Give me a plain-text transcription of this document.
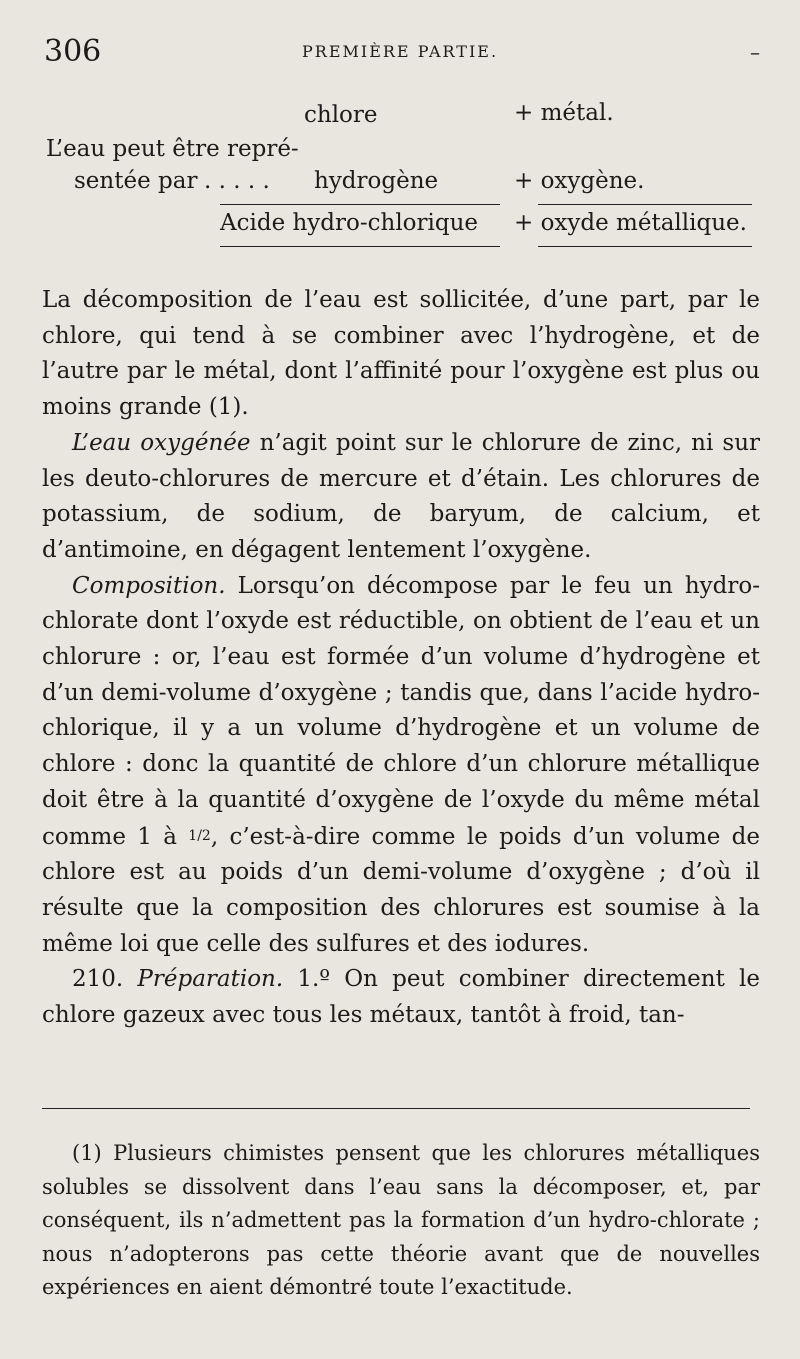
306	PREMIÈRE PARTIE.	–
chlore	+ métal.
L’eau peut être repré-
sentée par . . . . . hydrogène	+ oxygène.
Acide hydro-chlorique + oxyde métallique.

La décomposition de l’eau est sollicitée, d’une part, par le chlore, qui tend à se combiner avec l’hydrogène, et de l’autre par le métal, dont l’affinité pour l’oxygène est plus ou moins grande (1).

L’eau oxygénée n’agit point sur le chlorure de zinc, ni sur les deuto-chlorures de mercure et d’étain. Les chlorures de potassium, de sodium, de baryum, de calcium, et d’antimoine, en dégagent lentement l’oxygène.

Composition. Lorsqu’on décompose par le feu un hydro-chlorate dont l’oxyde est réductible, on obtient de l’eau et un chlorure : or, l’eau est formée d’un volume d’hydrogène et d’un demi-volume d’oxygène ; tandis que, dans l’acide hydro-chlorique, il y a un volume d’hydrogène et un volume de chlore : donc la quantité de chlore d’un chlorure métallique doit être à la quantité d’oxygène de l’oxyde du même métal comme 1 à 1/2, c’est-à-dire comme le poids d’un volume de chlore est au poids d’un demi-volume d’oxygène ; d’où il résulte que la composition des chlorures est soumise à la même loi que celle des sulfures et des iodures.

210. Préparation. 1.º On peut combiner directement le chlore gazeux avec tous les métaux, tantôt à froid, tan-

(1) Plusieurs chimistes pensent que les chlorures métalliques solubles se dissolvent dans l’eau sans la décomposer, et, par conséquent, ils n’admettent pas la formation d’un hydro-chlorate ; nous n’adopterons pas cette théorie avant que de nouvelles expériences en aient démontré toute l’exactitude.
